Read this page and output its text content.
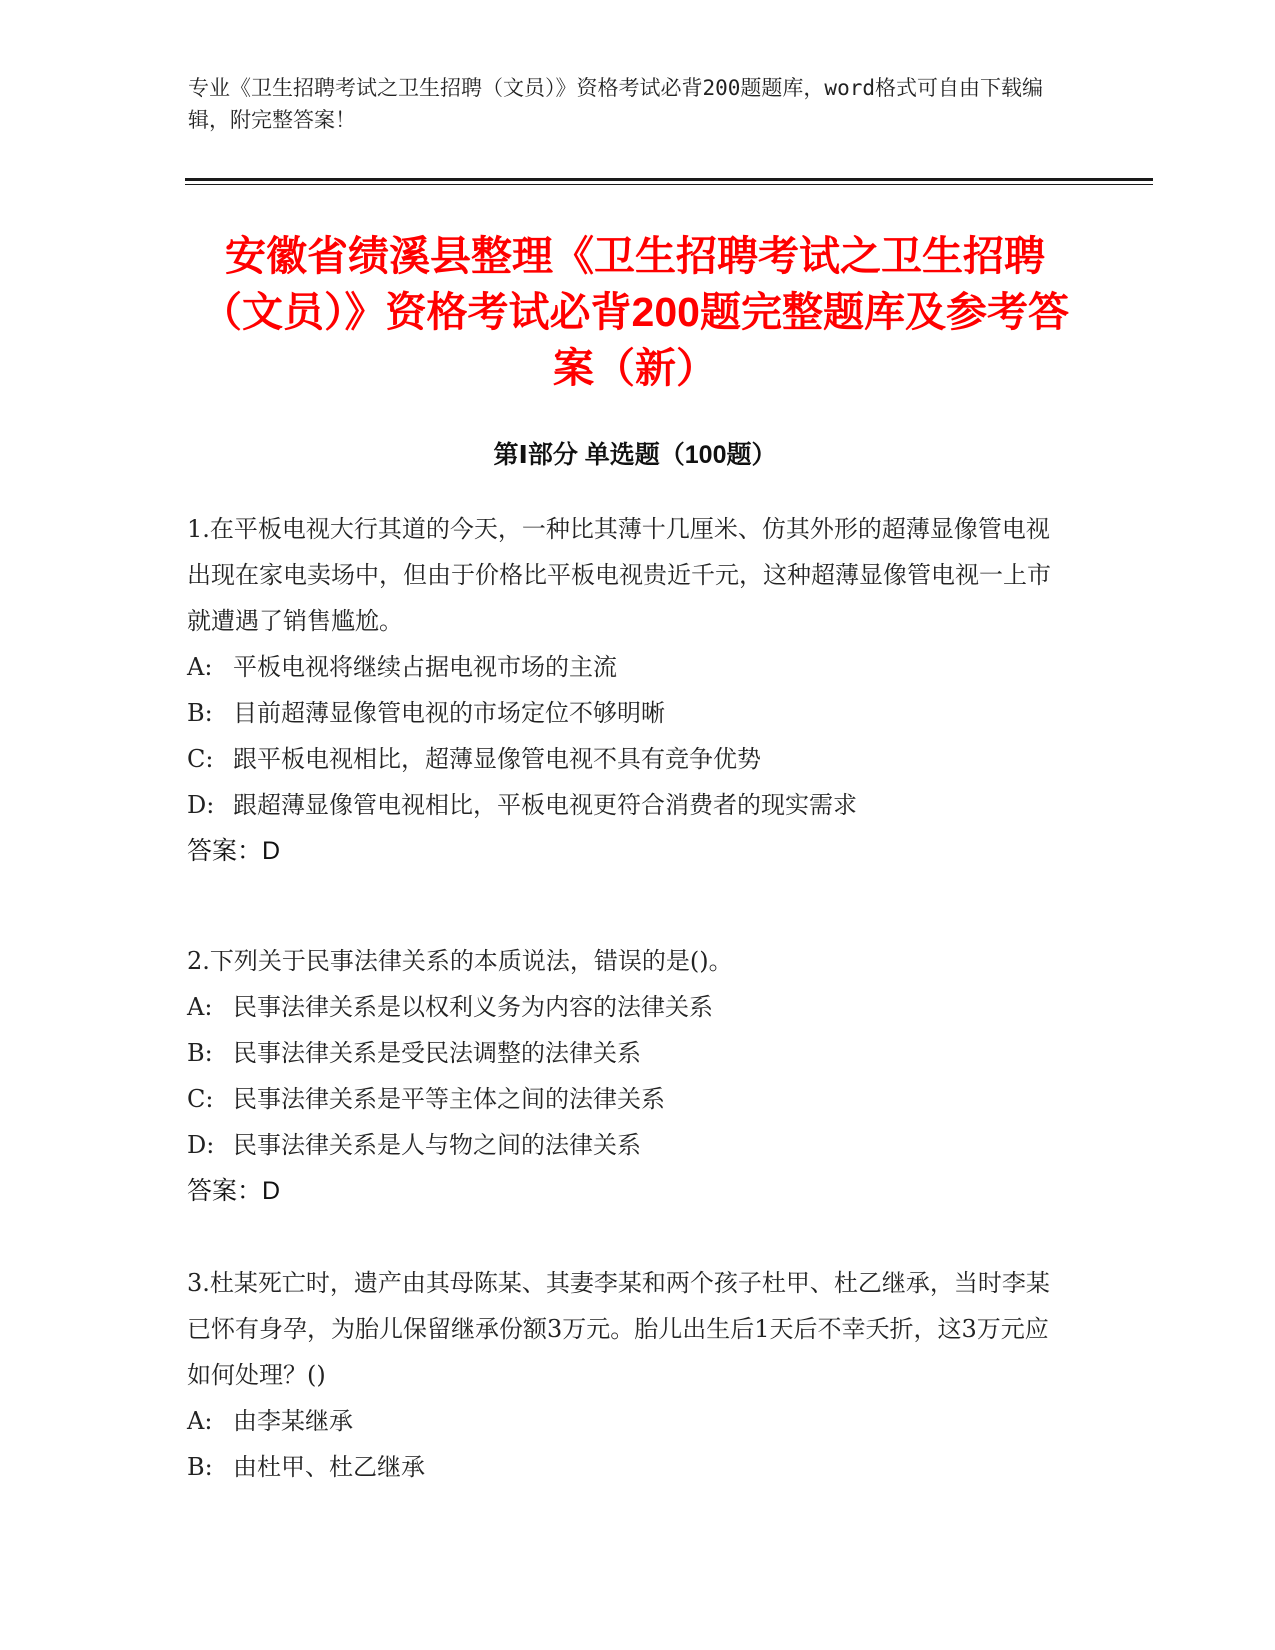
专业《卫生招聘考试之卫生招聘（文员）》资格考试必背200题题库，word格式可自由下载编辑，附完整答案！
安徽省绩溪县整理《卫生招聘考试之卫生招聘（文员）》资格考试必背200题完整题库及参考答案（新）
第Ⅰ部分 单选题（100题）
1.在平板电视大行其道的今天，一种比其薄十几厘米、仿其外形的超薄显像管电视出现在家电卖场中，但由于价格比平板电视贵近千元，这种超薄显像管电视一上市就遭遇了销售尴尬。
A: 平板电视将继续占据电视市场的主流
B: 目前超薄显像管电视的市场定位不够明晰
C: 跟平板电视相比，超薄显像管电视不具有竞争优势
D: 跟超薄显像管电视相比，平板电视更符合消费者的现实需求
答案：D
2.下列关于民事法律关系的本质说法，错误的是()。
A: 民事法律关系是以权利义务为内容的法律关系
B: 民事法律关系是受民法调整的法律关系
C: 民事法律关系是平等主体之间的法律关系
D: 民事法律关系是人与物之间的法律关系
答案：D
3.杜某死亡时，遗产由其母陈某、其妻李某和两个孩子杜甲、杜乙继承，当时李某已怀有身孕，为胎儿保留继承份额3万元。胎儿出生后1天后不幸夭折，这3万元应如何处理？()
A: 由李某继承
B: 由杜甲、杜乙继承
